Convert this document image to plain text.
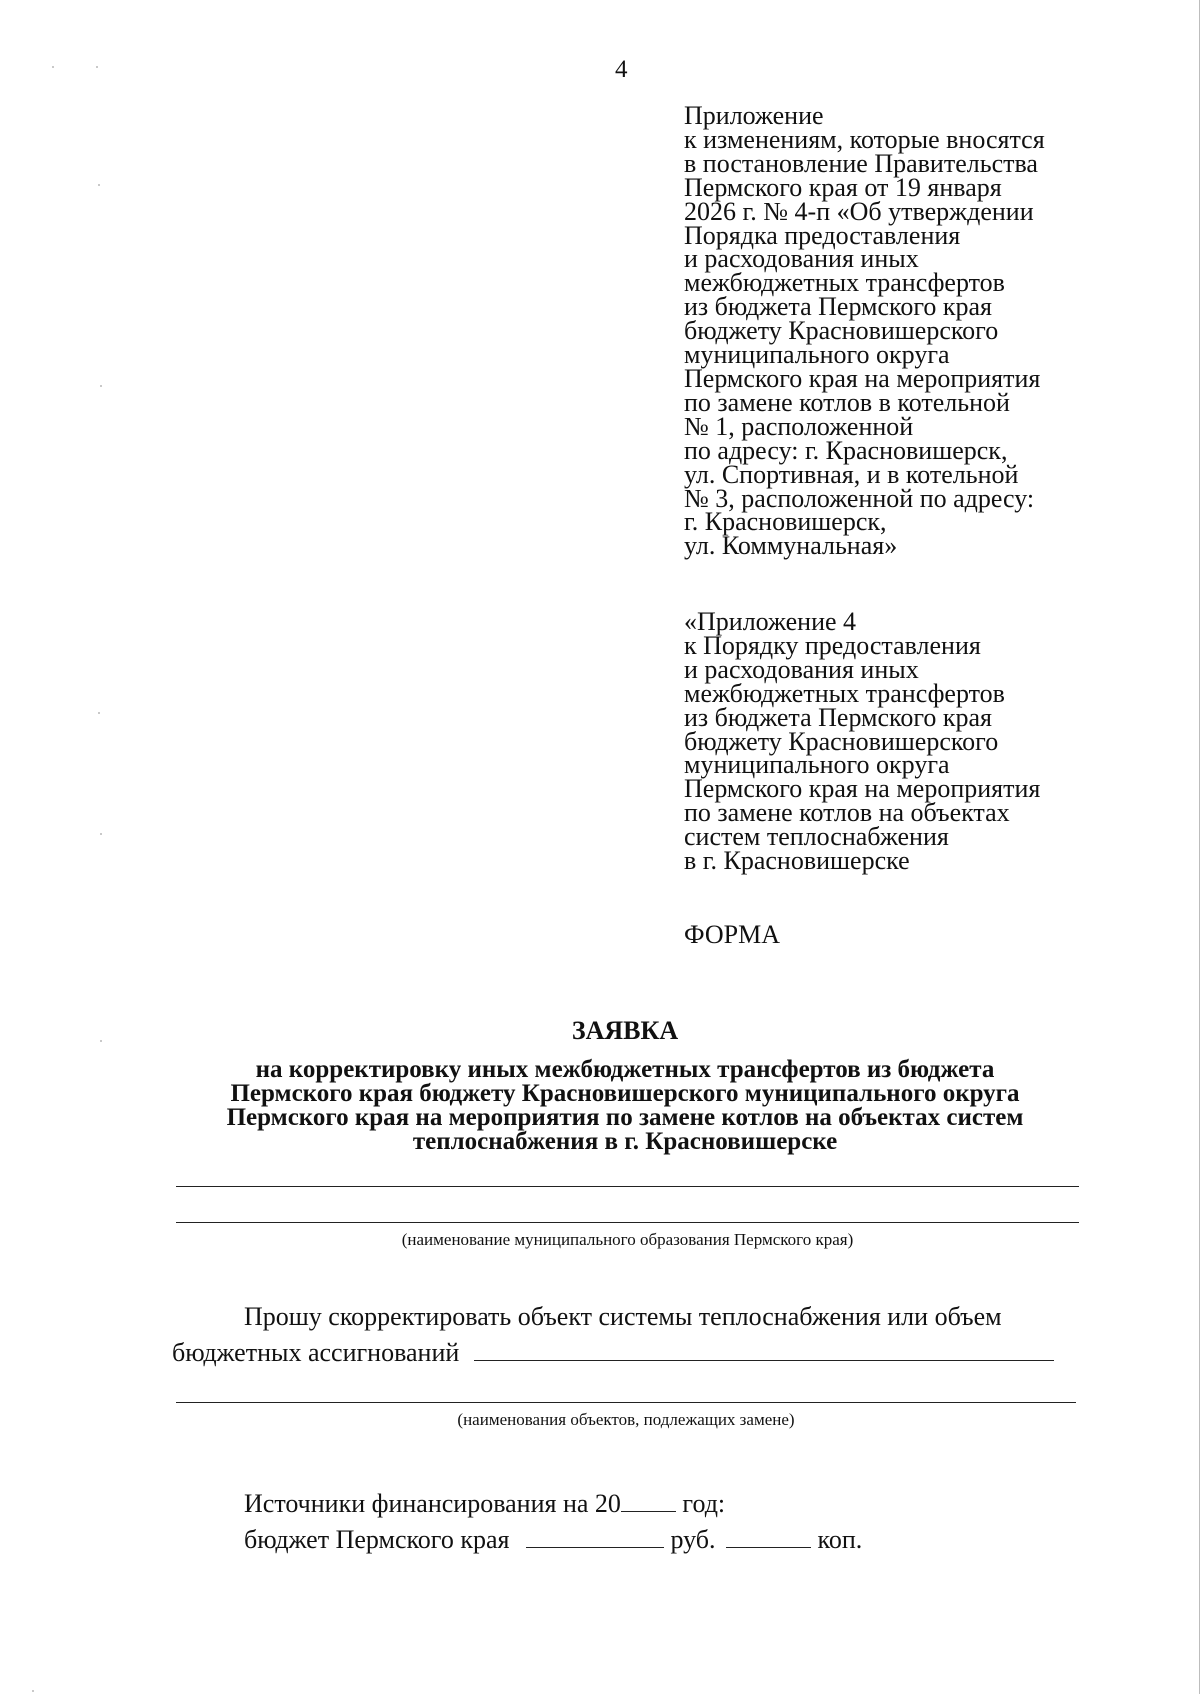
4
Приложение
к изменениям, которые вносятся
в постановление Правительства
Пермского края от 19 января
2026 г. № 4-п «Об утверждении
Порядка предоставления
и расходования иных
межбюджетных трансфертов
из бюджета Пермского края
бюджету Красновишерского
муниципального округа
Пермского края на мероприятия
по замене котлов в котельной
№ 1, расположенной
по адресу: г. Красновишерск,
ул. Спортивная, и в котельной
№ 3, расположенной по адресу:
г. Красновишерск,
ул. Коммунальная»
«Приложение 4
к Порядку предоставления
и расходования иных
межбюджетных трансфертов
из бюджета Пермского края
бюджету Красновишерского
муниципального округа
Пермского края на мероприятия
по замене котлов на объектах
систем теплоснабжения
в г. Красновишерске
ФОРМА
ЗАЯВКА
на корректировку иных межбюджетных трансфертов из бюджета
Пермского края бюджету Красновишерского муниципального округа
Пермского края на мероприятия по замене котлов на объектах систем
теплоснабжения в г. Красновишерске
(наименование муниципального образования Пермского края)
Прошу скорректировать объект системы теплоснабжения или объем
бюджетных ассигнований
(наименования объектов, подлежащих замене)
Источники финансирования на 20 год:
бюджет Пермского края	руб.	коп.
